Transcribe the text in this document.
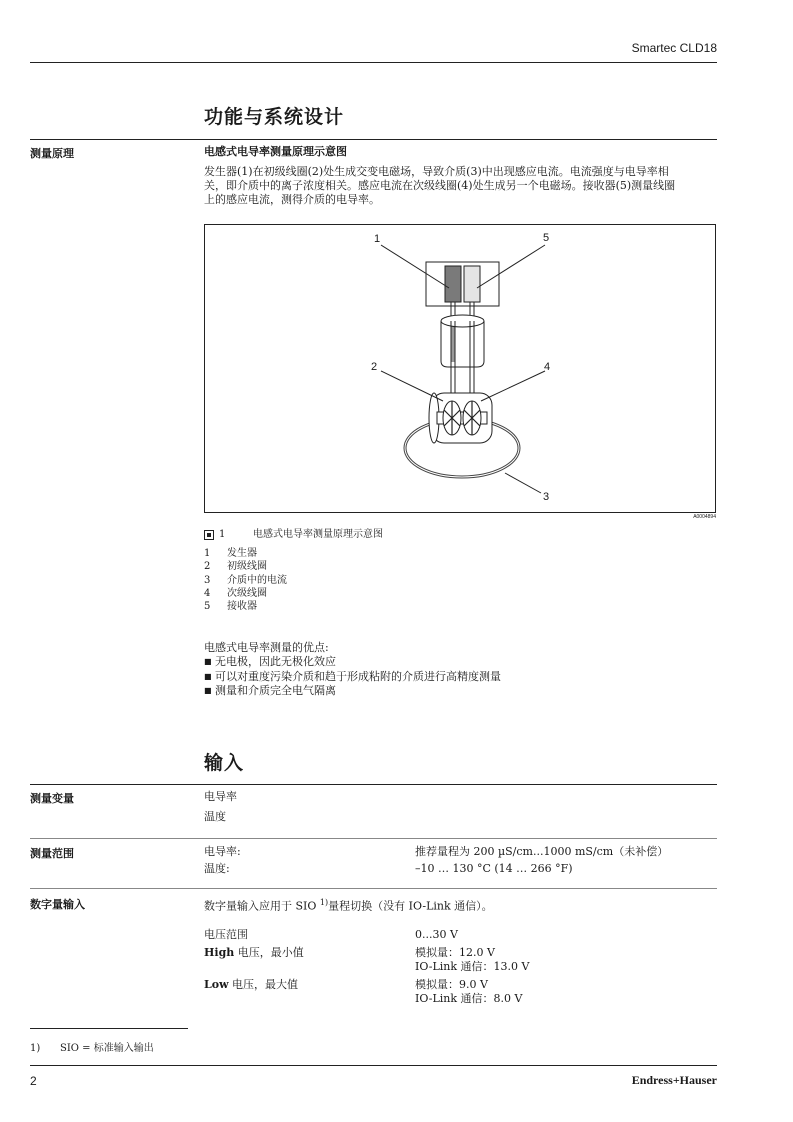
Smartec CLD18
功能与系统设计
测量原理	电感式电导率测量原理示意图
发生器(1)在初级线圈(2)处生成交变电磁场，导致介质(3)中出现感应电流。电流强度与电导率相
关，即介质中的离子浓度相关。感应电流在次级线圈(4)处生成另一个电磁场。接收器(5)测量线圈
上的感应电流，测得介质的电导率。
1	5
2	4
3
A0004894
1	电感式电导率测量原理示意图
1	发生器
2	初级线圈
3	介质中的电流
4	次级线圈
5	接收器
电感式电导率测量的优点:
■ 无电极，因此无极化效应
■ 可以对重度污染介质和趋于形成粘附的介质进行高精度测量
■ 测量和介质完全电气隔离
输入
测量变量	电导率
温度
测量范围	电导率:	推荐量程为 200 µS/cm...1000 mS/cm（未补偿）
温度:	–10 … 130 °C (14 … 266 °F)
数字量输入	数字量输入应用于 SIO $^{1)}$量程切换（没有 IO-Link 通信）。
电压范围	0...30 V
High 电压，最小值	模拟量：12.0 V
IO-Link 通信：13.0 V
Low 电压，最大值	模拟量：9.0 V
IO-Link 通信：8.0 V
1)	SIO = 标准输入输出
2	Endress+Hauser
